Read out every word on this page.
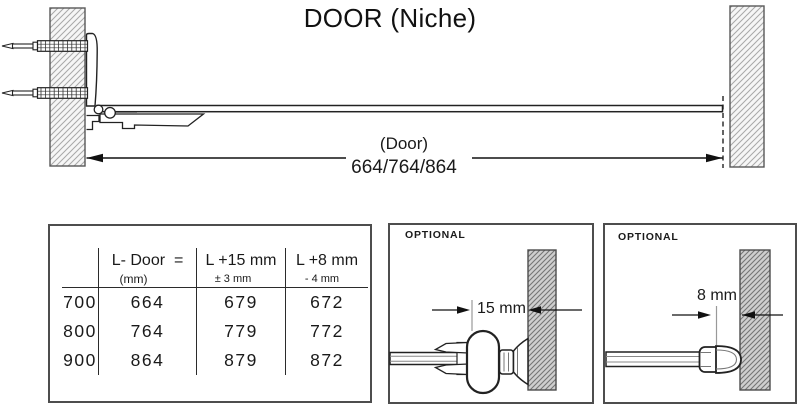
L- Door  =
(mm)
L +15 mm
± 3 mm
L +8 mm
- 4 mm
700	664	679	672
800	764	779	772
900	864	879	872
DOOR (Niche)
(Door)
664/764/864
OPTIONAL	OPTIONAL
15 mm
8 mm
